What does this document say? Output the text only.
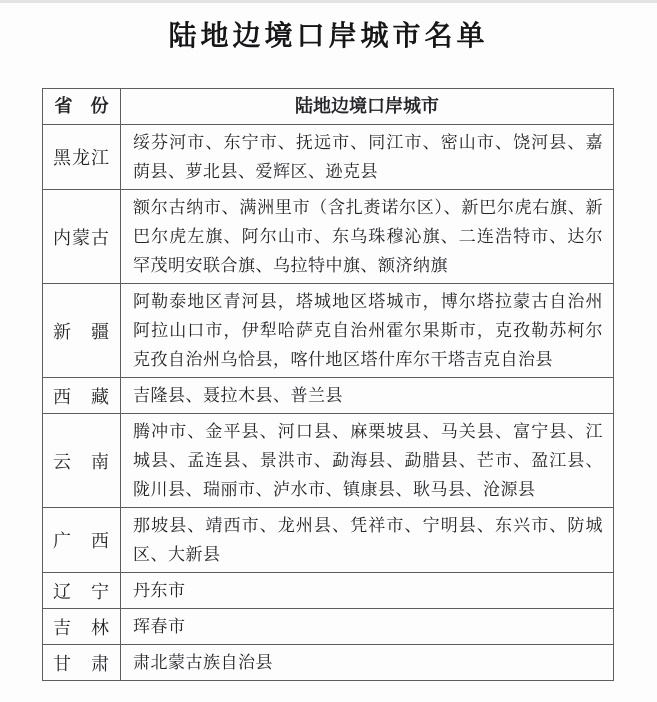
陆地边境口岸城市名单
省　份	陆地边境口岸城市
黑龙江	绥芬河市、东宁市、抚远市、同江市、密山市、饶河县、嘉荫县、萝北县、爱辉区、逊克县
内蒙古	额尔古纳市、满洲里市（含扎赉诺尔区）、新巴尔虎右旗、新巴尔虎左旗、阿尔山市、东乌珠穆沁旗、二连浩特市、达尔罕茂明安联合旗、乌拉特中旗、额济纳旗
新　疆	阿勒泰地区青河县，塔城地区塔城市，博尔塔拉蒙古自治州阿拉山口市，伊犁哈萨克自治州霍尔果斯市，克孜勒苏柯尔克孜自治州乌恰县，喀什地区塔什库尔干塔吉克自治县
西　藏	吉隆县、聂拉木县、普兰县
云　南	腾冲市、金平县、河口县、麻栗坡县、马关县、富宁县、江城县、孟连县、景洪市、勐海县、勐腊县、芒市、盈江县、陇川县、瑞丽市、泸水市、镇康县、耿马县、沧源县
广　西	那坡县、靖西市、龙州县、凭祥市、宁明县、东兴市、防城区、大新县
辽　宁	丹东市
吉　林	珲春市
甘　肃	肃北蒙古族自治县
